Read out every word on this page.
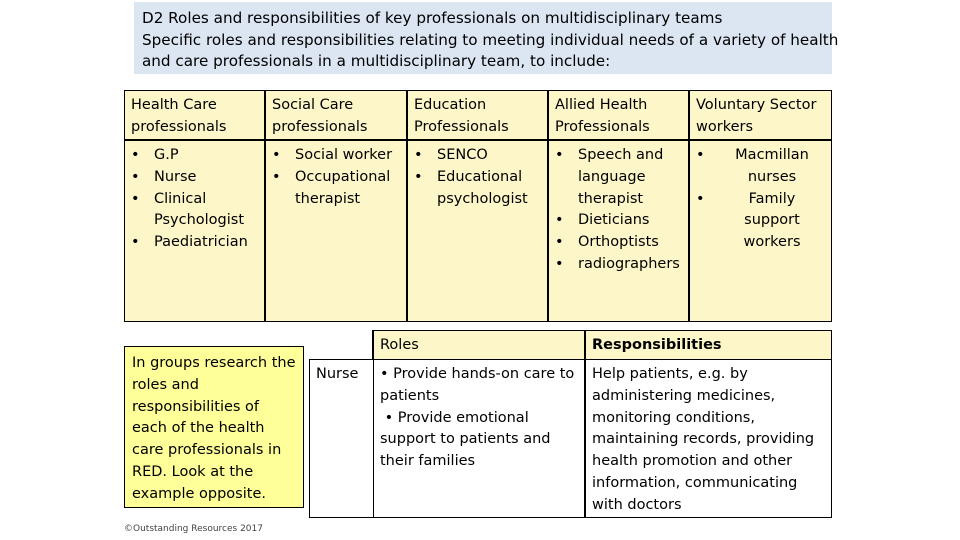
D2 Roles and responsibilities of key professionals on multidisciplinary teams
Specific roles and responsibilities relating to meeting individual needs of a variety of health
and care professionals in a multidisciplinary team, to include:
Health Care
professionals
Social Care
professionals
Education
Professionals
Allied Health
Professionals
Voluntary Sector
workers
• G.P
• Nurse
• Clinical Psychologist
• Paediatrician
• Social worker
• Occupational therapist
• SENCO
• Educational psychologist
• Speech and language therapist
• Dieticians
• Orthoptists
• radiographers
• Macmillan nurses
• Family support workers
In groups research the roles and responsibilities of each of the health care professionals in RED. Look at the example opposite.
©Outstanding Resources 2017
Roles	Responsibilities
Nurse	• Provide hands-on care to patients
• Provide emotional support to patients and their families
Help patients, e.g. by administering medicines, monitoring conditions, maintaining records, providing health promotion and other information, communicating with doctors
